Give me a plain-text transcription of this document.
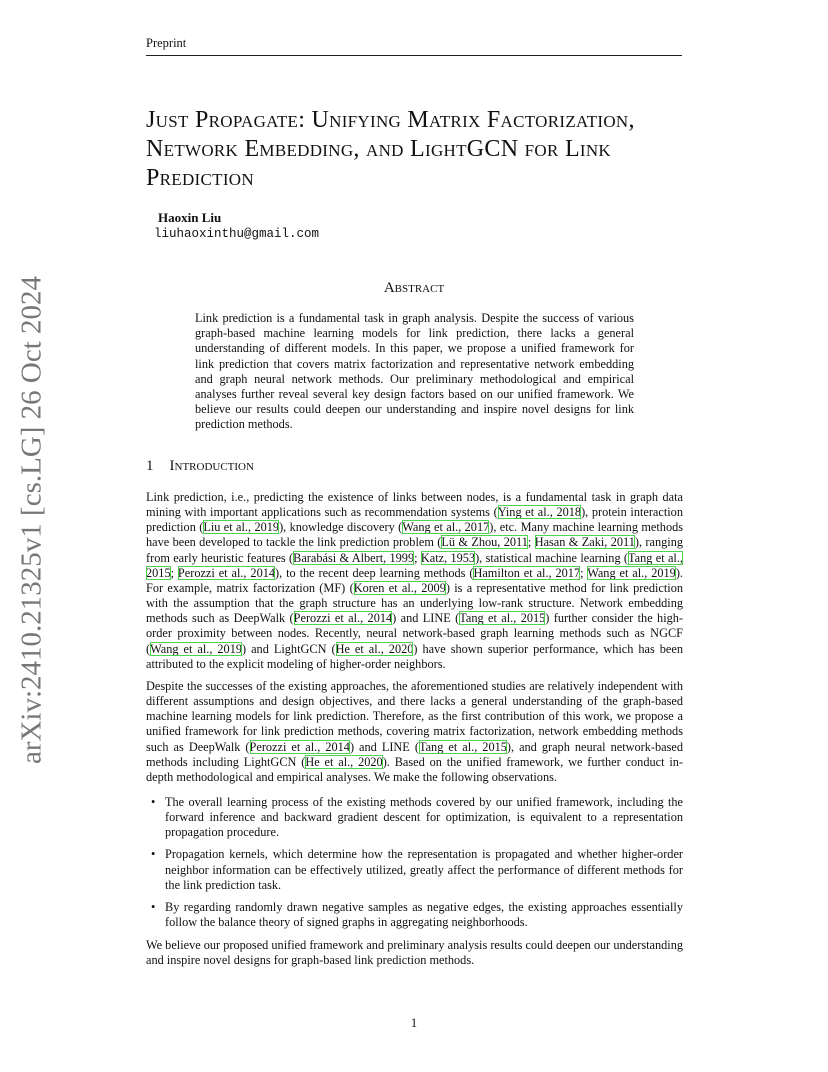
Preprint
arXiv:2410.21325v1 [cs.LG] 26 Oct 2024
Just Propagate: Unifying Matrix Factorization, Network Embedding, and LightGCN for Link Prediction
Haoxin Liu
liuhaoxinthu@gmail.com
Abstract
Link prediction is a fundamental task in graph analysis. Despite the success of various graph-based machine learning models for link prediction, there lacks a general understanding of different models. In this paper, we propose a unified framework for link prediction that covers matrix factorization and representative network embedding and graph neural network methods. Our preliminary methodological and empirical analyses further reveal several key design factors based on our unified framework. We believe our results could deepen our understanding and inspire novel designs for link prediction methods.
1 Introduction

Link prediction, i.e., predicting the existence of links between nodes, is a fundamental task in graph data mining with important applications such as recommendation systems (Ying et al., 2018), protein interaction prediction (Liu et al., 2019), knowledge discovery (Wang et al., 2017), etc. Many machine learning methods have been developed to tackle the link prediction problem (Lü & Zhou, 2011; Hasan & Zaki, 2011), ranging from early heuristic features (Barabási & Albert, 1999; Katz, 1953), statistical machine learning (Tang et al., 2015; Perozzi et al., 2014), to the recent deep learning methods (Hamilton et al., 2017; Wang et al., 2019). For example, matrix factorization (MF) (Koren et al., 2009) is a representative method for link prediction with the assumption that the graph structure has an underlying low-rank structure. Network embedding methods such as DeepWalk (Perozzi et al., 2014) and LINE (Tang et al., 2015) further consider the high-order proximity between nodes. Recently, neural network-based graph learning methods such as NGCF (Wang et al., 2019) and LightGCN (He et al., 2020) have shown superior performance, which has been attributed to the explicit modeling of higher-order neighbors.

Despite the successes of the existing approaches, the aforementioned studies are relatively independent with different assumptions and design objectives, and there lacks a general understanding of the graph-based machine learning models for link prediction. Therefore, as the first contribution of this work, we propose a unified framework for link prediction methods, covering matrix factorization, network embedding methods such as DeepWalk (Perozzi et al., 2014) and LINE (Tang et al., 2015), and graph neural network-based methods including LightGCN (He et al., 2020). Based on the unified framework, we further conduct in-depth methodological and empirical analyses. We make the following observations.

• The overall learning process of the existing methods covered by our unified framework, including the forward inference and backward gradient descent for optimization, is equivalent to a representation propagation procedure.
• Propagation kernels, which determine how the representation is propagated and whether higher-order neighbor information can be effectively utilized, greatly affect the performance of different methods for the link prediction task.
• By regarding randomly drawn negative samples as negative edges, the existing approaches essentially follow the balance theory of signed graphs in aggregating neighborhoods.

We believe our proposed unified framework and preliminary analysis results could deepen our understanding and inspire novel designs for graph-based link prediction methods.

1
